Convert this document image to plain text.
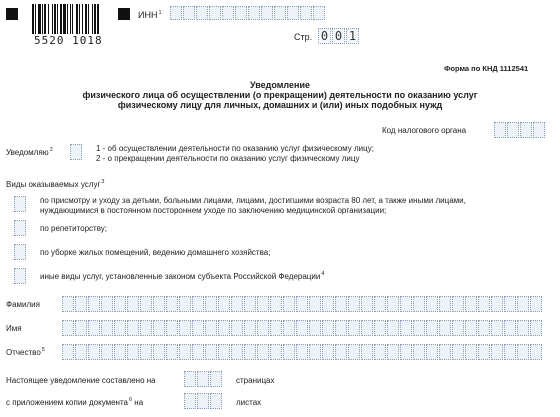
5520 1018
ИНН$^1$
Стр. 0 0 1
Форма по КНД 1112541
Уведомление
физического лица об осуществлении (о прекращении) деятельности по оказанию услуг
физическому лицу для личных, домашних и (или) иных подобных нужд
Код налогового органа
Уведомляю$^2$	1 - об осуществлении деятельности по оказанию услуг физическому лицу;
2 - о прекращении деятельности по оказанию услуг физическому лицу
Виды оказываемых услуг$^3$
по присмотру и уходу за детьми, больными лицами, лицами, достигшими возраста 80 лет, а также иными лицами,
нуждающимися в постоянном постороннем уходе по заключению медицинской организации;
по репетиторству;
по уборке жилых помещений, ведению домашнего хозяйства;
иные виды услуг, установленные законом субъекта Российской Федерации$^4$
Фамилия
Имя
Отчество$^5$
Настоящее уведомление составлено на	страницах
с приложением копии документа$^6$ на	листах
